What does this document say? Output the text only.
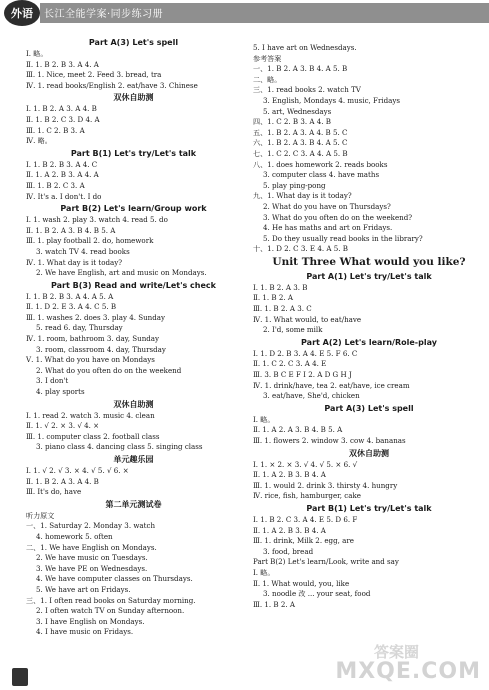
外语	长江全能学案·同步练习册
Part A(3) Let's spell
Ⅰ. 略。
Ⅱ. 1. B 2. B 3. A 4. A
Ⅲ. 1. Nice, meet 2. Feed 3. bread, tra
Ⅳ. 1. read books/English 2. eat/have 3. Chinese
双休自助测
Ⅰ. 1. B 2. A 3. A 4. B
Ⅱ. 1. B 2. C 3. D 4. A
Ⅲ. 1. C 2. B 3. A
Ⅳ. 略。
Part B(1) Let's try/Let's talk
Ⅰ. 1. B 2. B 3. A 4. C
Ⅱ. 1. A 2. B 3. A 4. A
Ⅲ. 1. B 2. C 3. A
Ⅳ. It's a. I don't. I do
Part B(2) Let's learn/Group work
Ⅰ. 1. wash 2. play 3. watch 4. read 5. do
Ⅱ. 1. B 2. A 3. B 4. B 5. A
Ⅲ. 1. play football 2. do, homework
3. watch TV 4. read books
Ⅳ. 1. What day is it today?
2. We have English, art and music on Mondays.
Part B(3) Read and write/Let's check
Ⅰ. 1. B 2. B 3. A 4. A 5. A
Ⅱ. 1. D 2. E 3. A 4. C 5. B
Ⅲ. 1. washes 2. does 3. play 4. Sunday
5. read 6. day, Thursday
Ⅳ. 1. room, bathroom 3. day, Sunday
3. room, classroom 4. day, Thursday
Ⅴ. 1. What do you have on Mondays
2. What do you often do on the weekend
3. I don't
4. play sports
双休自助测
Ⅰ. 1. read 2. watch 3. music 4. clean
Ⅱ. 1. √ 2. × 3. √ 4. ×
Ⅲ. 1. computer class 2. football class
3. piano class 4. dancing class 5. singing class
单元趣乐园
Ⅰ. 1. √ 2. √ 3. × 4. √ 5. √ 6. ×
Ⅱ. 1. B 2. A 3. A 4. B
Ⅲ. It's do, have
第二单元测试卷
听力原文
一、1. Saturday 2. Monday 3. watch
4. homework 5. often
二、1. We have English on Mondays.
2. We have music on Tuesdays.
3. We have PE on Wednesdays.
4. We have computer classes on Thursdays.
5. We have art on Fridays.
三、1. I often read books on Saturday morning.
2. I often watch TV on Sunday afternoon.
3. I have English on Mondays.
4. I have music on Fridays.
5. I have art on Wednesdays.
参考答案
一、1. B 2. A 3. B 4. A 5. B
二、略。
三、1. read books 2. watch TV
3. English, Mondays 4. music, Fridays
5. art, Wednesdays
四、1. C 2. B 3. A 4. B
五、1. B 2. A 3. A 4. B 5. C
六、1. B 2. A 3. B 4. A 5. C
七、1. C 2. C 3. A 4. A 5. B
八、1. does homework 2. reads books
3. computer class 4. have maths
5. play ping-pong
九、1. What day is it today?
2. What do you have on Thursdays?
3. What do you often do on the weekend?
4. He has maths and art on Fridays.
5. Do they usually read books in the library?
十、1. D 2. C 3. E 4. A 5. B
Unit Three What would you like?
Part A(1) Let's try/Let's talk
Ⅰ. 1. B 2. A 3. B
Ⅱ. 1. B 2. A
Ⅲ. 1. B 2. A 3. C
Ⅳ. 1. What would, to eat/have
2. I'd, some milk
Part A(2) Let's learn/Role-play
Ⅰ. 1. D 2. B 3. A 4. E 5. F 6. C
Ⅱ. 1. C 2. C 3. A 4. E
Ⅲ. 3. B C E F I 2. A D G H J
Ⅳ. 1. drink/have, tea 2. eat/have, ice cream
3. eat/have, She'd, chicken
Part A(3) Let's spell
Ⅰ. 略。
Ⅱ. 1. A 2. A 3. B 4. B 5. A
Ⅲ. 1. flowers 2. window 3. cow 4. bananas
双休自助测
Ⅰ. 1. × 2. × 3. √ 4. √ 5. × 6. √
Ⅱ. 1. A 2. B 3. B 4. A
Ⅲ. 1. would 2. drink 3. thirsty 4. hungry
Ⅳ. rice, fish, hamburger, cake
Part B(1) Let's try/Let's talk
Ⅰ. 1. B 2. C 3. A 4. E 5. D 6. F
Ⅱ. 1. A 2. B 3. B 4. A
Ⅲ. 1. drink, Milk 2. egg, are
3. food, bread
Part B(2) Let's learn/Look, write and say
Ⅰ. 略。
Ⅱ. 1. What would, you, like
3. noodle 改 ... your seat, food
Ⅲ. 1. B 2. A
答案圈
MXQE.COM
